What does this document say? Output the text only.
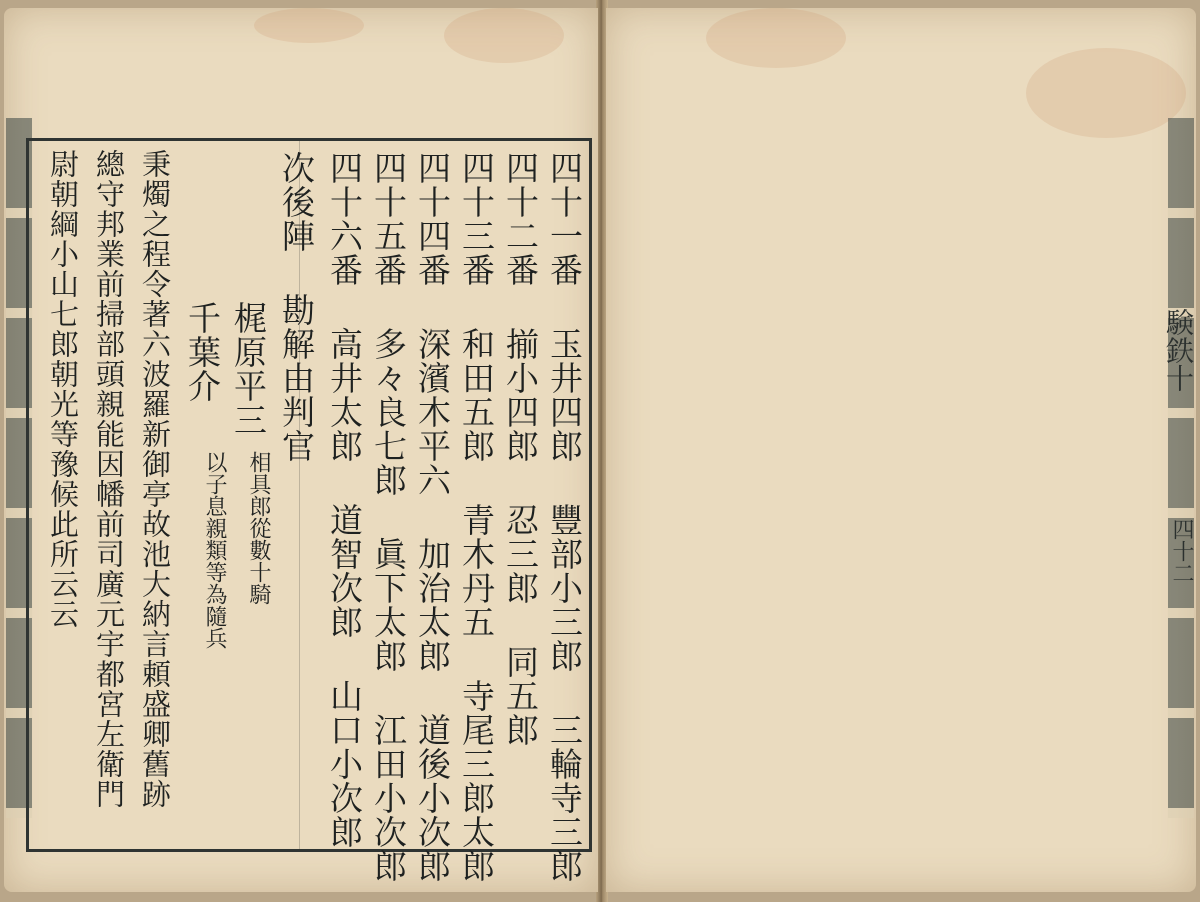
四十一番 玉井四郎 豐部小三郎 三輪寺三郎
四十二番 揃小四郎 忍三郎 同五郎
四十三番 和田五郎 青木丹五 寺尾三郎太郎
四十四番 深濱木平六 加治太郎 道後小次郎
四十五番 多々良七郎 眞下太郎 江田小次郎
四十六番 高井太郎 道智次郎 山口小次郎
次後陣 勘解由判官
梶原平三
相具郎從數十騎
千葉介
以子息親類等為隨兵
秉燭之程令著六波羅新御亭故池大納言頼盛卿舊跡
總守邦業前掃部頭親能因幡前司廣元宇都宮左衛門
尉朝綱小山七郎朝光等豫候此所云云	験鉄十
四十二
